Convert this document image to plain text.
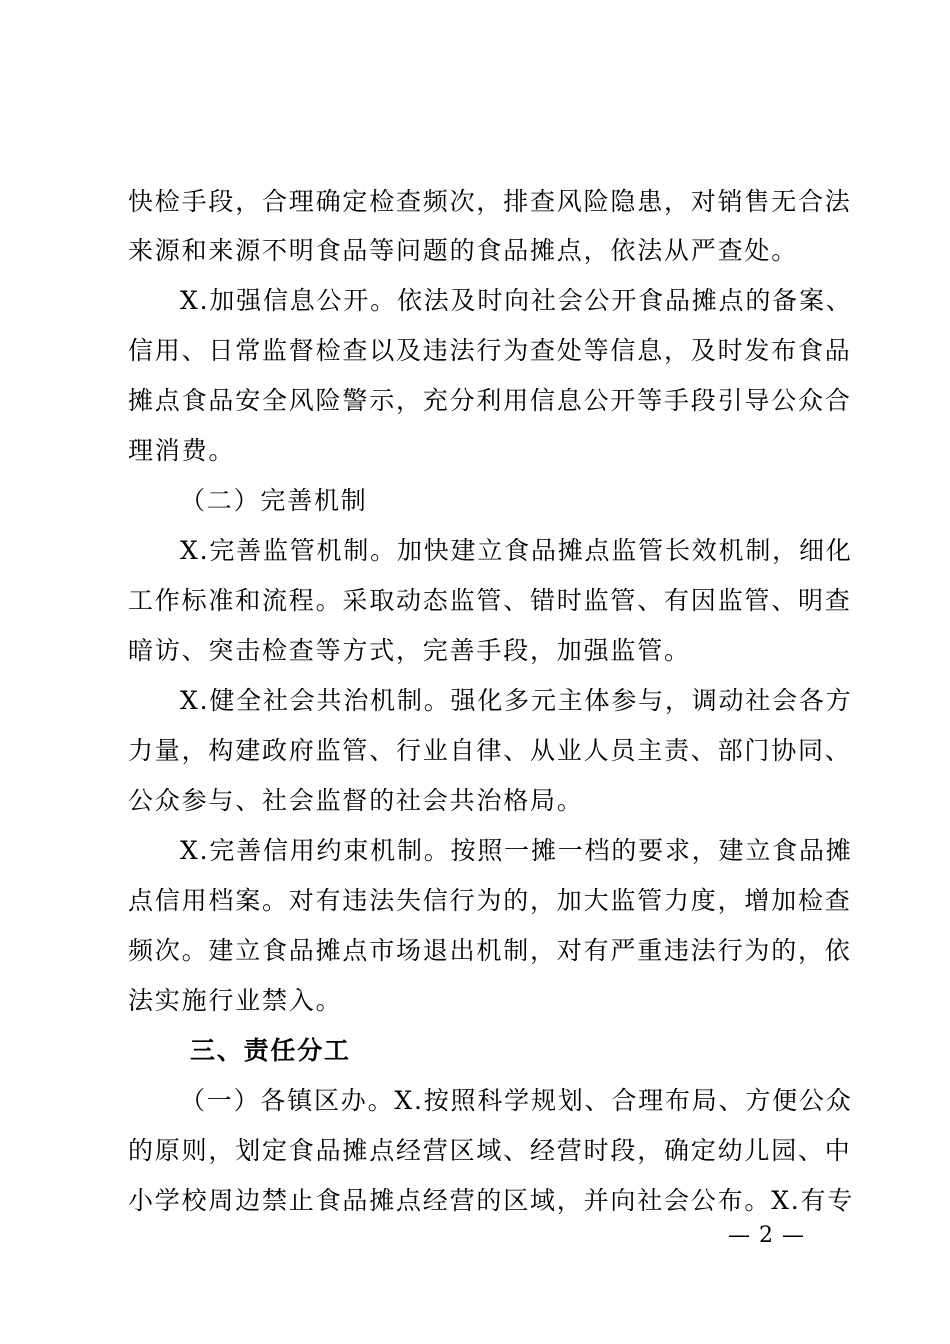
快检手段，合理确定检查频次，排查风险隐患，对销售无合法
来源和来源不明食品等问题的食品摊点，依法从严查处。
X.加强信息公开。依法及时向社会公开食品摊点的备案、
信用、日常监督检查以及违法行为查处等信息，及时发布食品
摊点食品安全风险警示，充分利用信息公开等手段引导公众合
理消费。
（二）完善机制
X.完善监管机制。加快建立食品摊点监管长效机制，细化
工作标准和流程。采取动态监管、错时监管、有因监管、明查
暗访、突击检查等方式，完善手段，加强监管。
X.健全社会共治机制。强化多元主体参与，调动社会各方
力量，构建政府监管、行业自律、从业人员主责、部门协同、
公众参与、社会监督的社会共治格局。
X.完善信用约束机制。按照一摊一档的要求，建立食品摊
点信用档案。对有违法失信行为的，加大监管力度，增加检查
频次。建立食品摊点市场退出机制，对有严重违法行为的，依
法实施行业禁入。
三、责任分工
（一）各镇区办。X.按照科学规划、合理布局、方便公众
的原则，划定食品摊点经营区域、经营时段，确定幼儿园、中
小学校周边禁止食品摊点经营的区域，并向社会公布。X.有专
— 2 —
